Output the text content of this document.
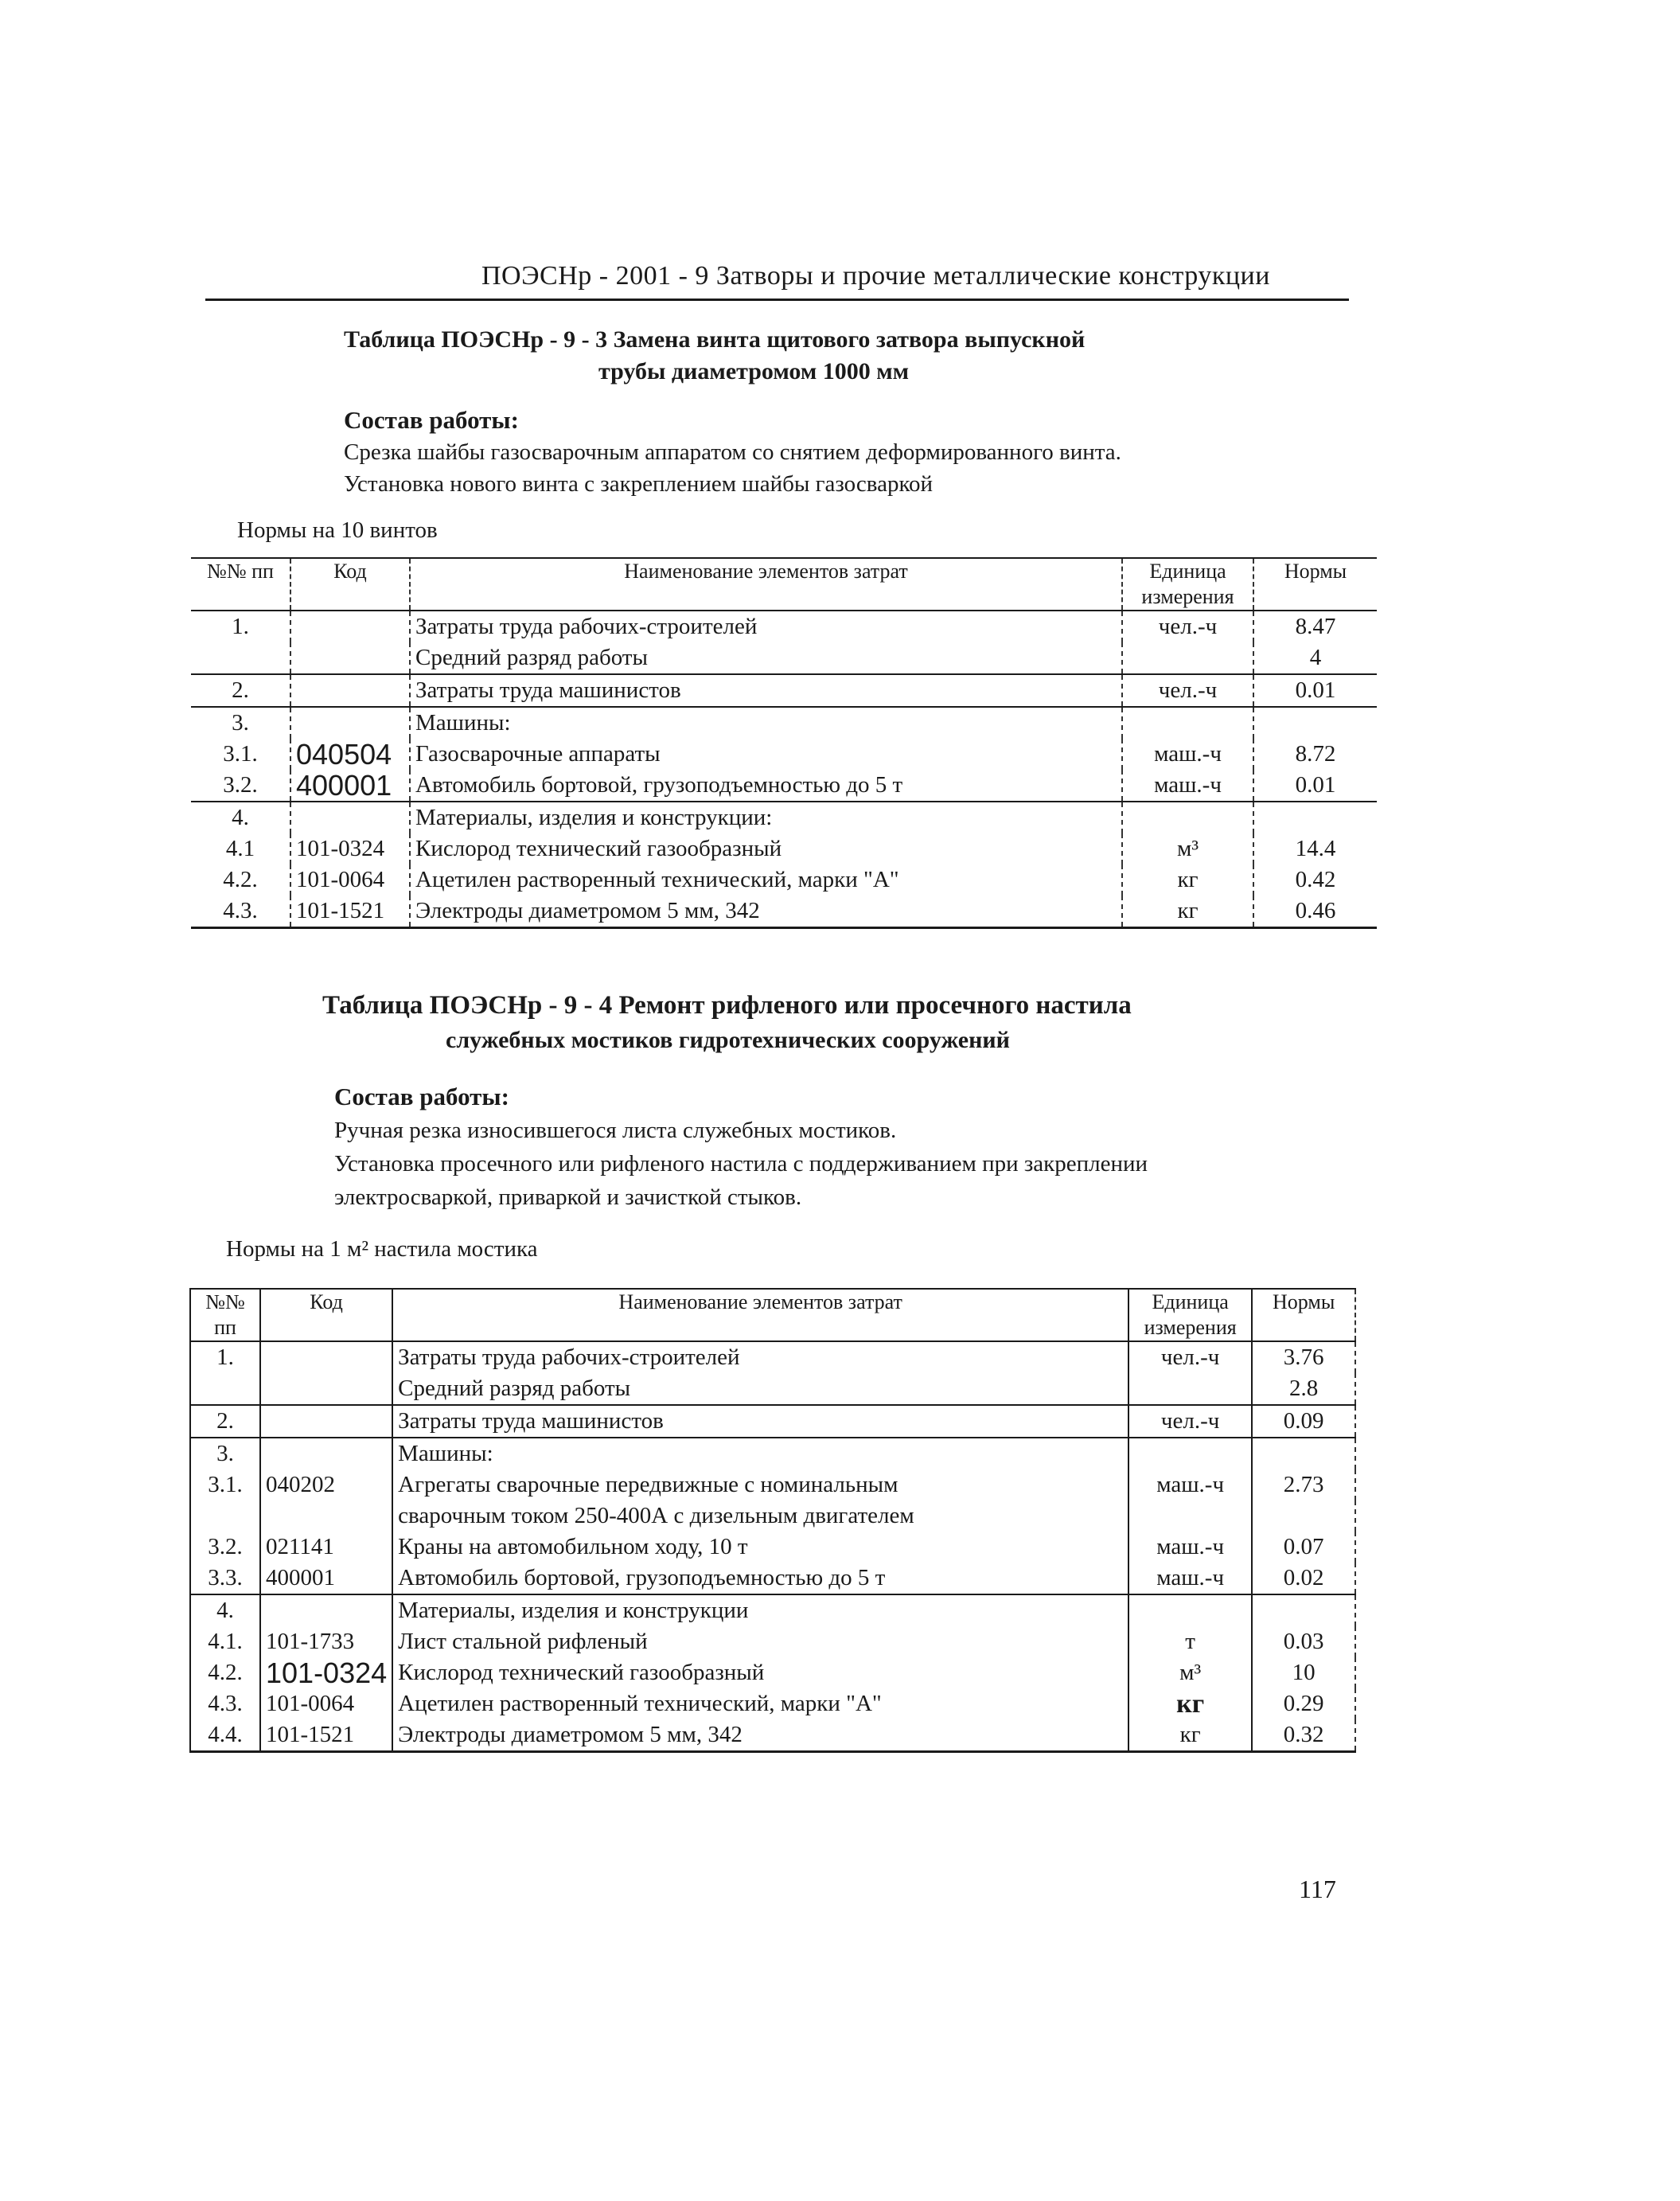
ПОЭСНр - 2001 - 9 Затворы и прочие металлические конструкции
Таблица ПОЭСНр - 9 - 3 Замена винта щитового затвора выпускной
трубы диаметромом 1000 мм
Состав работы:
Срезка шайбы газосварочным аппаратом со снятием деформированного винта.
Установка нового винта с закреплением шайбы газосваркой
Нормы на 10 винтов
№№ пп	Код	Наименование элементов затрат	Единица измерения	Нормы
1.		Затраты труда рабочих-строителей	чел.-ч	8.47
		Средний разряд работы		4
2.		Затраты труда машинистов	чел.-ч	0.01
3.		Машины:		
3.1.	040504	Газосварочные аппараты	маш.-ч	8.72
3.2.	400001	Автомобиль бортовой, грузоподъемностью до 5 т	маш.-ч	0.01
4.		Материалы, изделия и конструкции:		
4.1	101-0324	Кислород технический газообразный	м³	14.4
4.2.	101-0064	Ацетилен растворенный технический, марки "А"	кг	0.42
4.3.	101-1521	Электроды диаметромом 5 мм, 342	кг	0.46
Таблица ПОЭСНр - 9 - 4 Ремонт рифленого или просечного настила
служебных мостиков гидротехнических сооружений
Состав работы:
Ручная резка износившегося листа служебных мостиков.
Установка просечного или рифленого настила с поддерживанием при закреплении
электросваркой, приваркой и зачисткой стыков.
Нормы на 1 м² настила мостика
№№ пп	Код	Наименование элементов затрат	Единица измерения	Нормы
1.		Затраты труда рабочих-строителей	чел.-ч	3.76
		Средний разряд работы		2.8
2.		Затраты труда машинистов	чел.-ч	0.09
3.		Машины:		
3.1.	040202	Агрегаты сварочные передвижные с номинальным	маш.-ч	2.73
		сварочным током 250-400А с дизельным двигателем		
3.2.	021141	Краны на автомобильном ходу, 10 т	маш.-ч	0.07
3.3.	400001	Автомобиль бортовой, грузоподъемностью до 5 т	маш.-ч	0.02
4.		Материалы, изделия и конструкции		
4.1.	101-1733	Лист стальной рифленый	т	0.03
4.2.	101-0324	Кислород технический газообразный	м³	10
4.3.	101-0064	Ацетилен растворенный технический, марки "А"	кг	0.29
4.4.	101-1521	Электроды диаметромом 5 мм, 342	кг	0.32
117
